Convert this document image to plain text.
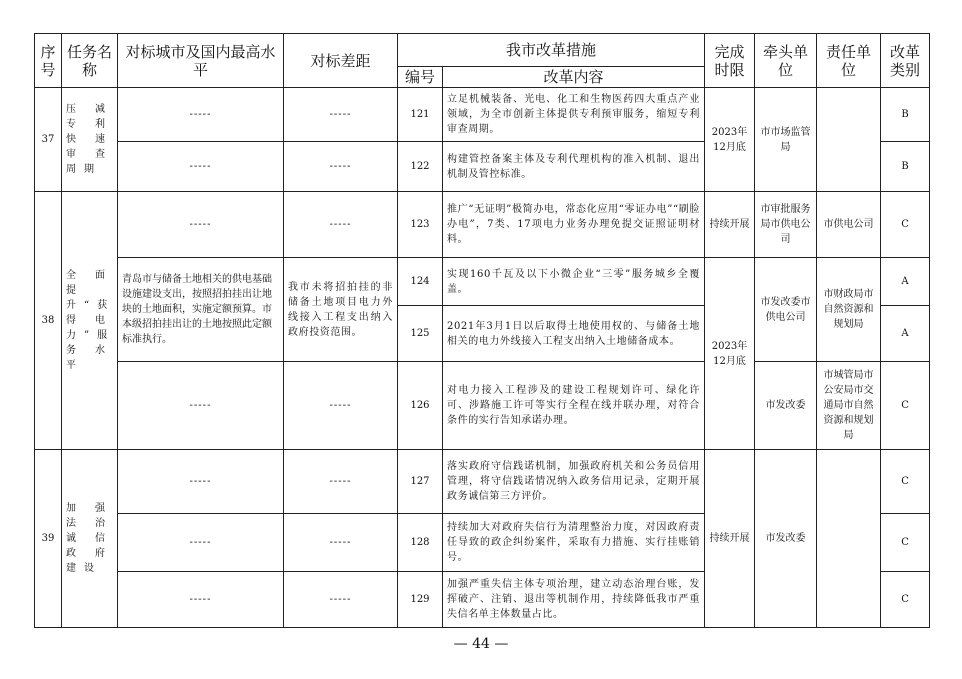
序号	任务名称	对标城市及国内最高水平	对标差距	我市改革措施		完成时限	牵头单位	责任单位	改革类别
				编号	改革内容				
37	压减专利快速审查周期	-----	-----	121	立足机械装备、光电、化工和生物医药四大重点产业领域，为全市创新主体提供专利预审服务，缩短专利审查周期。	2023年12月底	市市场监管局		B
		-----	-----	122	构建管控备案主体及专利代理机构的准入机制、退出机制及管控标准。				B
38	全面提升“获得电力”服务水平	-----	-----	123	推广“无证明”极简办电，常态化应用“零证办电”“刷脸办电”，7类、17项电力业务办理免提交证照证明材料。	持续开展	市审批服务局市供电公司	市供电公司	C
		青岛市与储备土地相关的供电基础设施建设支出，按照招拍挂出让地块的土地面积，实施定额预算。市本级招拍挂出让的土地按照此定额标准执行。	我市未将招拍挂的非储备土地项目电力外线接入工程支出纳入政府投资范围。	124	实现160千瓦及以下小微企业“三零”服务城乡全覆盖。	2023年12月底	市发改委市供电公司	市财政局市自然资源和规划局	A
				125	2021年3月1日以后取得土地使用权的、与储备土地相关的电力外线接入工程支出纳入土地储备成本。				A
		-----	-----	126	对电力接入工程涉及的建设工程规划许可、绿化许可、涉路施工许可等实行全程在线并联办理，对符合条件的实行告知承诺办理。		市发改委	市城管局市公安局市交通局市自然资源和规划局	C
39	加强法治诚信政府建设	-----	-----	127	落实政府守信践诺机制，加强政府机关和公务员信用管理，将守信践诺情况纳入政务信用记录，定期开展政务诚信第三方评价。	持续开展	市发改委		C
		-----	-----	128	持续加大对政府失信行为清理整治力度，对因政府责任导致的政企纠纷案件，采取有力措施、实行挂账销号。				C
		-----	-----	129	加强严重失信主体专项治理，建立动态治理台账，发挥破产、注销、退出等机制作用，持续降低我市严重失信名单主体数量占比。				C
— 44 —
